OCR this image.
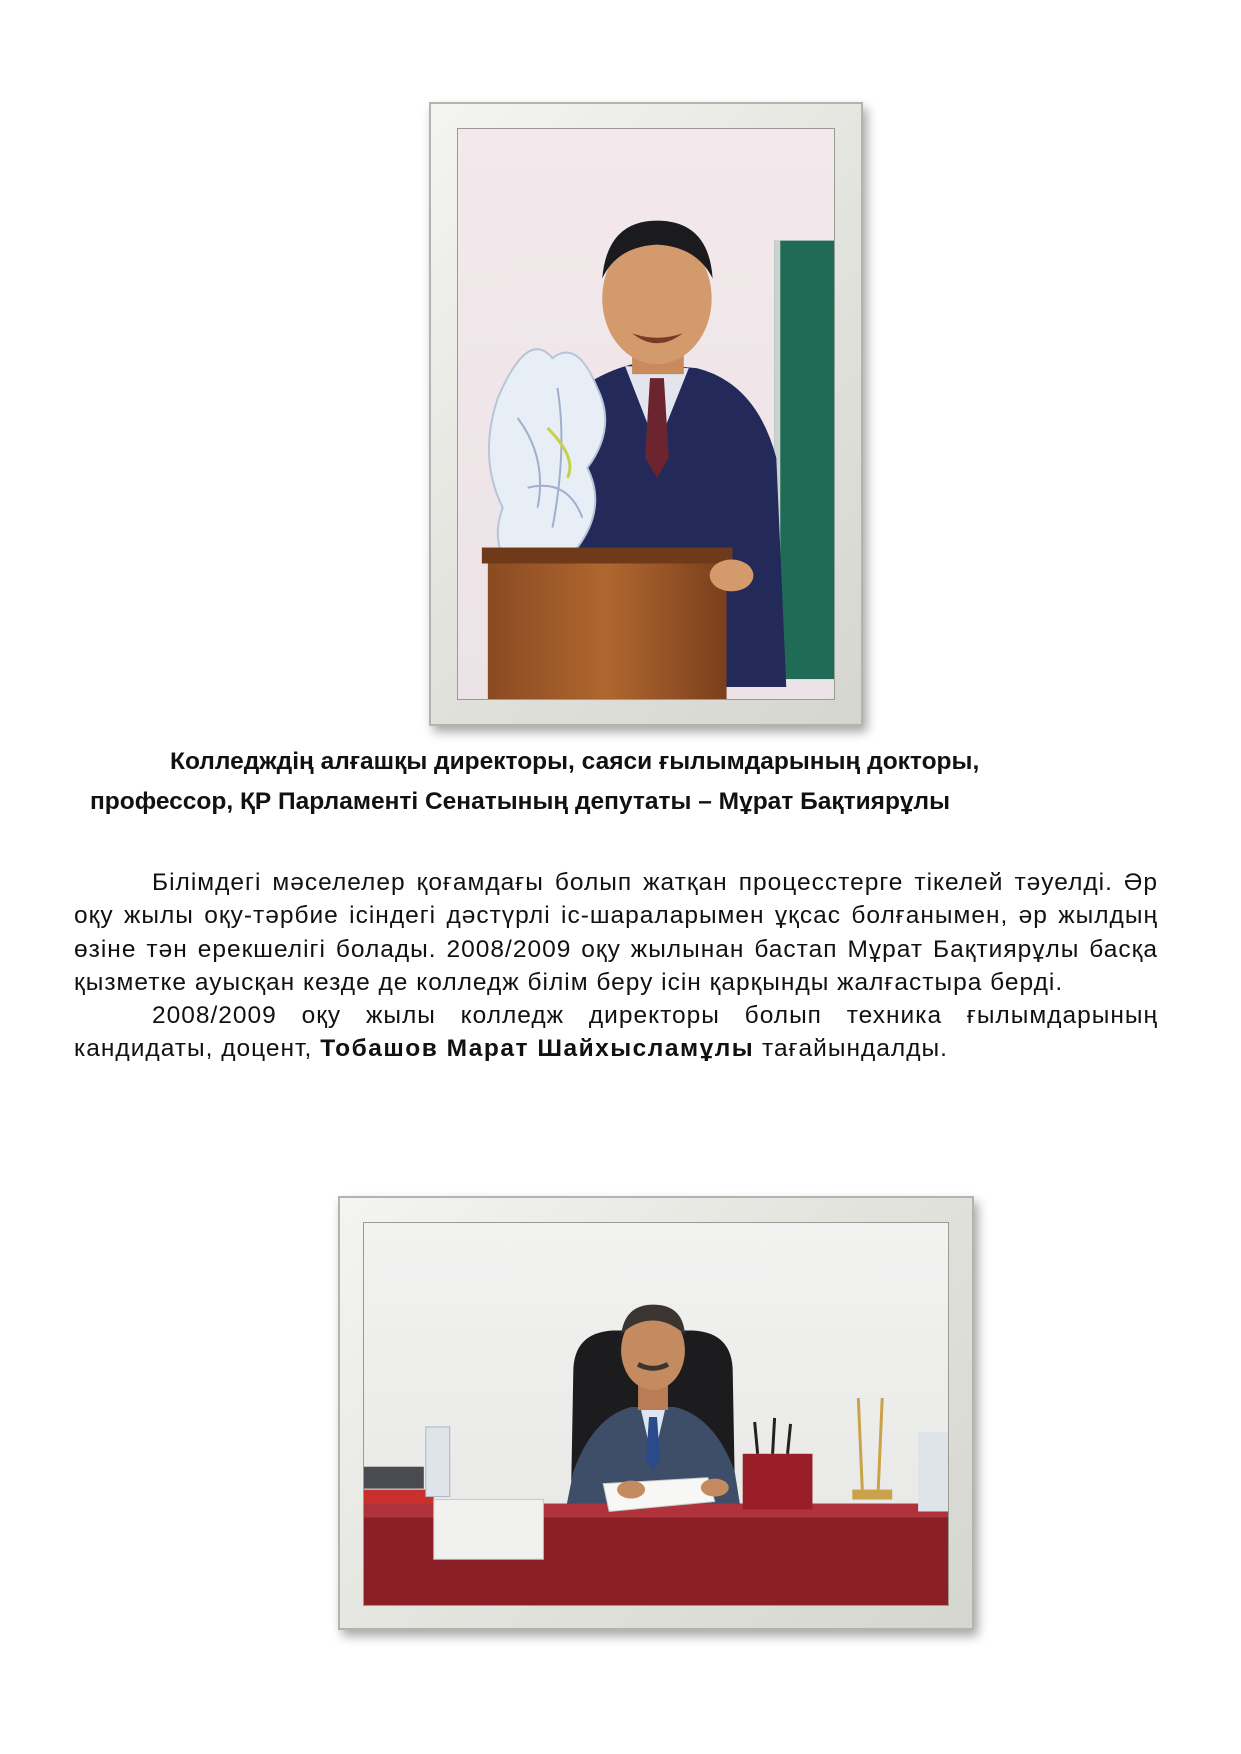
Колледждің алғашқы директоры, саяси ғылымдарының докторы,
профессор, ҚР Парламенті Сенатының депутаты – Мұрат Бақтиярұлы

Білімдегі мәселелер қоғамдағы болып жатқан процесстерге тікелей тәуелді. Әр оқу жылы оқу-тәрбие ісіндегі дәстүрлі іс-шараларымен ұқсас болғанымен, әр жылдың өзіне тән ерекшелігі болады. 2008/2009 оқу жылынан бастап Мұрат Бақтиярұлы басқа қызметке ауысқан кезде де колледж білім беру ісін қарқынды жалғастыра берді.

2008/2009 оқу жылы колледж директоры болып техника ғылымдарының кандидаты, доцент, Тобашов Марат Шайхысламұлы тағайындалды.
